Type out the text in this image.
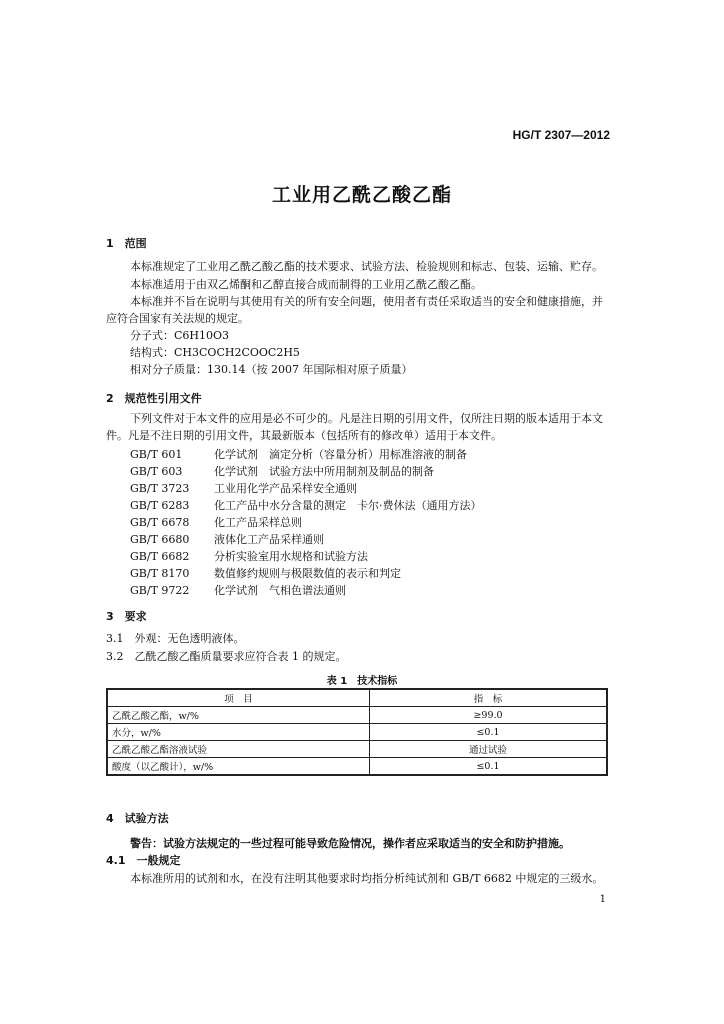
HG/T 2307—2012
工业用乙酰乙酸乙酯
1　范围
本标准规定了工业用乙酰乙酸乙酯的技术要求、试验方法、检验规则和标志、包装、运输、贮存。
本标准适用于由双乙烯酮和乙醇直接合成而制得的工业用乙酰乙酸乙酯。
本标准并不旨在说明与其使用有关的所有安全问题，使用者有责任采取适当的安全和健康措施，并应符合国家有关法规的规定。
分子式：C6H10O3
结构式：CH3COCH2COOC2H5
相对分子质量：130.14（按 2007 年国际相对原子质量）
2　规范性引用文件
下列文件对于本文件的应用是必不可少的。凡是注日期的引用文件，仅所注日期的版本适用于本文件。凡是不注日期的引用文件，其最新版本（包括所有的修改单）适用于本文件。
GB/T 601	化学试剂　滴定分析（容量分析）用标准溶液的制备
GB/T 603	化学试剂　试验方法中所用制剂及制品的制备
GB/T 3723 工业用化学产品采样安全通则
GB/T 6283 化工产品中水分含量的测定　卡尔·费休法（通用方法）
GB/T 6678 化工产品采样总则
GB/T 6680 液体化工产品采样通则
GB/T 6682 分析实验室用水规格和试验方法
GB/T 8170 数值修约规则与极限数值的表示和判定
GB/T 9722 化学试剂　气相色谱法通则
3　要求
3.1　外观：无色透明液体。
3.2　乙酰乙酸乙酯质量要求应符合表 1 的规定。
表 1　技术指标
项　目	指　标
乙酰乙酸乙酯，w/%	≥99.0
水分，w/%	≤0.1
乙酰乙酸乙酯溶液试验	通过试验
酸度（以乙酸计），w/%	≤0.1
4　试验方法
警告：试验方法规定的一些过程可能导致危险情况，操作者应采取适当的安全和防护措施。
4.1　一般规定
本标准所用的试剂和水，在没有注明其他要求时均指分析纯试剂和 GB/T 6682 中规定的三级水。
1
